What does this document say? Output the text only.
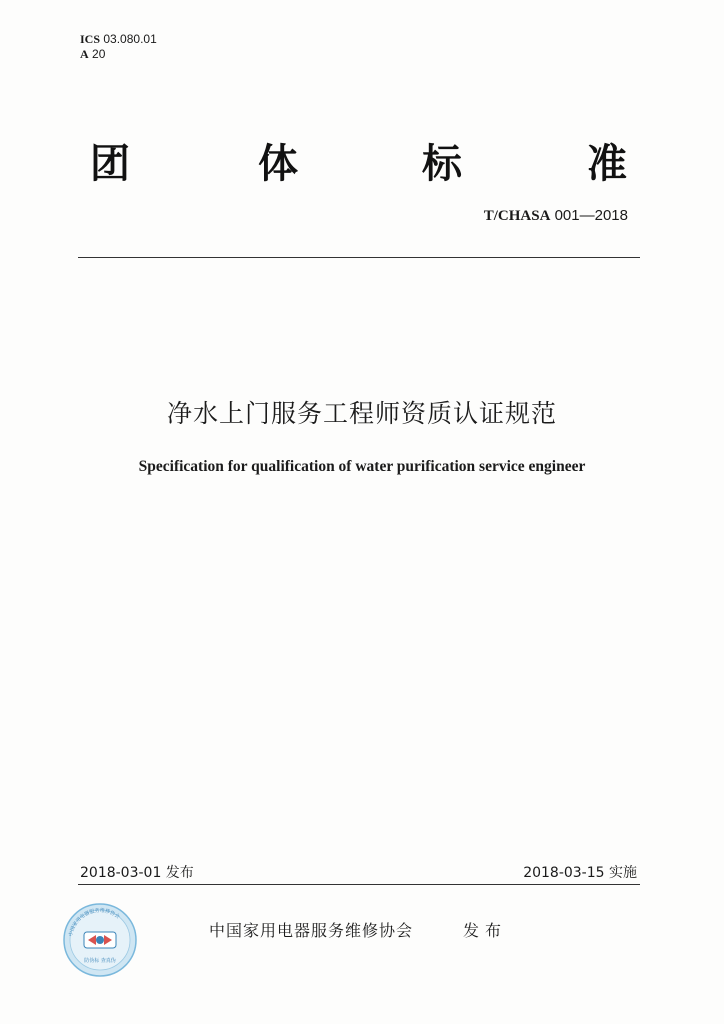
ICS 03.080.01
A 20
团	体	标	准
T/CHASA 001—2018
净水上门服务工程师资质认证规范
Specification for qualification of water purification service engineer
2018-03-01 发布	2018-03-15 实施
中国家用电器服务维修协会
防伪标 查真伪
中国家用电器服务维修协会	发布
